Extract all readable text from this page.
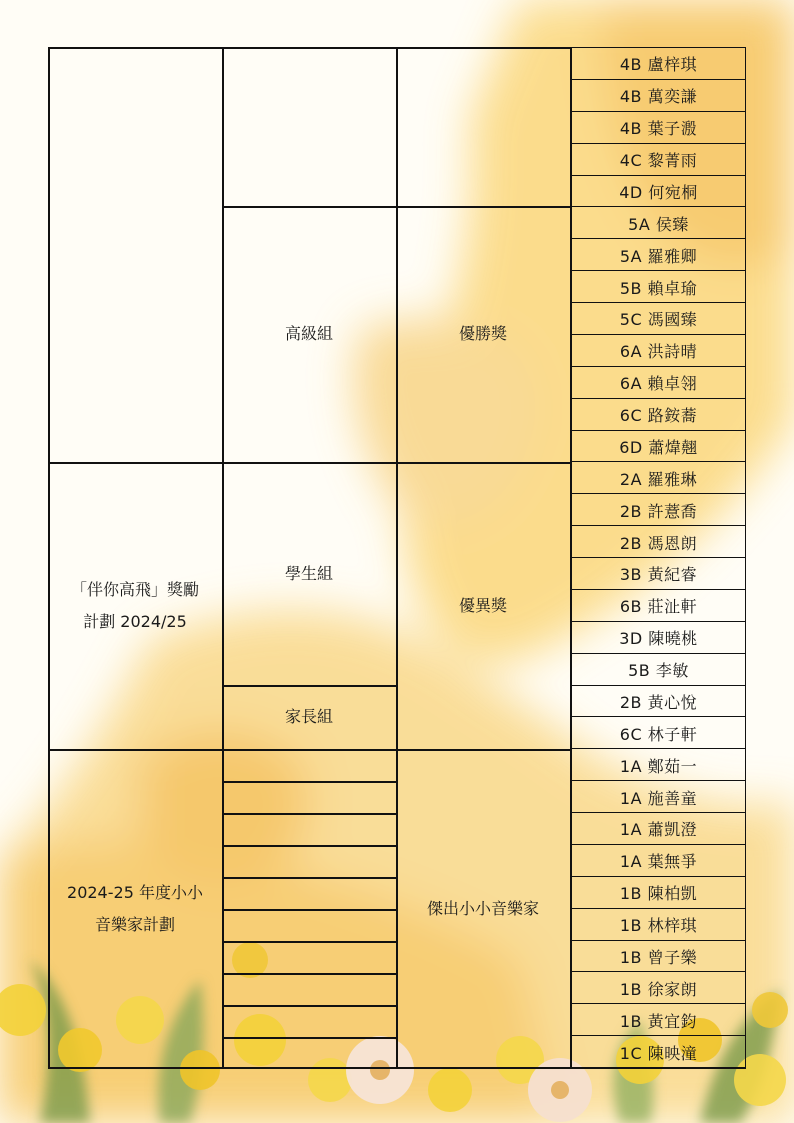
「伴你高飛」獎勵
計劃 2024/25
2024-25 年度小小
音樂家計劃
高級組
學生組
家長組
優勝獎
優異獎
傑出小小音樂家
4B 盧梓琪
4B 萬奕謙
4B 葉子溵
4C 黎菁雨
4D 何宛桐
5A 侯臻
5A 羅雅卿
5B 賴卓瑜
5C 馮國臻
6A 洪詩晴
6A 賴卓翎
6C 路銨蕎
6D 蕭煒翹
2A 羅雅琳
2B 許薏喬
2B 馮恩朗
3B 黃紀睿
6B 莊沚軒
3D 陳曉桃
5B 李敏
2B 黃心悅
6C 林子軒
1A 鄭茹一
1A 施善童
1A 蕭凱澄
1A 葉無爭
1B 陳柏凱
1B 林梓琪
1B 曾子樂
1B 徐家朗
1B 黃宜鈞
1C 陳映潼
